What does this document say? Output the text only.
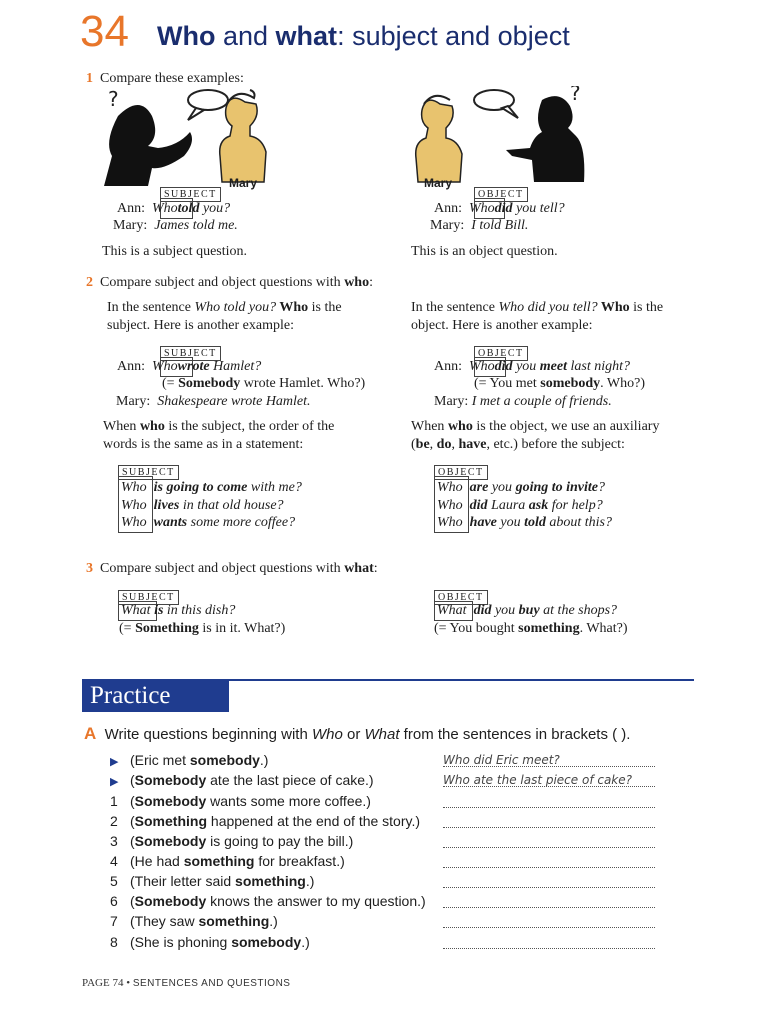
34 Who and what: subject and object
1 Compare these examples:
?
Mary
SUBJECT
Ann: Whotold you?
Mary: James told me.
This is a subject question.
?
Mary
OBJECT
Ann: Whodid you tell?
Mary: I told Bill.
This is an object question.
2 Compare subject and object questions with who:
In the sentence Who told you? Who is the
subject. Here is another example:
SUBJECT
Ann: Whowrote Hamlet?
(= Somebody wrote Hamlet. Who?)
Mary: Shakespeare wrote Hamlet.
When who is the subject, the order of the
words is the same as in a statement:
SUBJECT
Who is going to come with me?
Who lives in that old house?
Who wants some more coffee?
In the sentence Who did you tell? Who is the
object. Here is another example:
OBJECT
Ann: Whodid you meet last night?
(= You met somebody. Who?)
Mary: I met a couple of friends.
When who is the object, we use an auxiliary
(be, do, have, etc.) before the subject:
OBJECT
Who are you going to invite?
Who did Laura ask for help?
Who have you told about this?
3 Compare subject and object questions with what:
SUBJECT
What is in this dish?
(= Something is in it. What?)
OBJECT
What did you buy at the shops?
(= You bought something. What?)
Practice
A Write questions beginning with Who or What from the sentences in brackets ( ).
▶ (Eric met somebody.)	Who did Eric meet?
▶ (Somebody ate the last piece of cake.)	Who ate the last piece of cake?
1 (Somebody wants some more coffee.)
2 (Something happened at the end of the story.)
3 (Somebody is going to pay the bill.)
4 (He had something for breakfast.)
5 (Their letter said something.)
6 (Somebody knows the answer to my question.)
7 (They saw something.)
8 (She is phoning somebody.)
PAGE 74 • SENTENCES AND QUESTIONS
